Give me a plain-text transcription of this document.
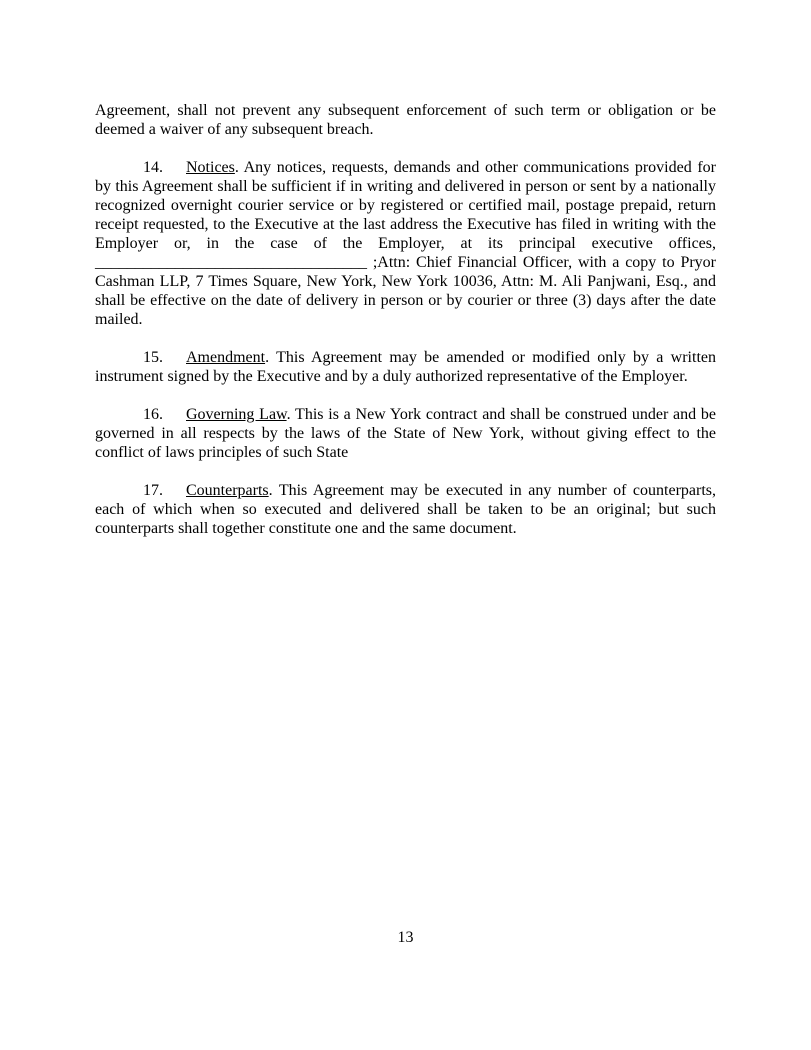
Agreement, shall not prevent any subsequent enforcement of such term or obligation or be deemed a waiver of any subsequent breach.

14. Notices. Any notices, requests, demands and other communications provided for by this Agreement shall be sufficient if in writing and delivered in person or sent by a nationally recognized overnight courier service or by registered or certified mail, postage prepaid, return receipt requested, to the Executive at the last address the Executive has filed in writing with the Employer or, in the case of the Employer, at its principal executive offices, __________________________________ ;Attn: Chief Financial Officer, with a copy to Pryor Cashman LLP, 7 Times Square, New York, New York 10036, Attn: M. Ali Panjwani, Esq., and shall be effective on the date of delivery in person or by courier or three (3) days after the date mailed.

15. Amendment. This Agreement may be amended or modified only by a written instrument signed by the Executive and by a duly authorized representative of the Employer.

16. Governing Law. This is a New York contract and shall be construed under and be governed in all respects by the laws of the State of New York, without giving effect to the conflict of laws principles of such State

17. Counterparts. This Agreement may be executed in any number of counterparts, each of which when so executed and delivered shall be taken to be an original; but such counterparts shall together constitute one and the same document.

13
